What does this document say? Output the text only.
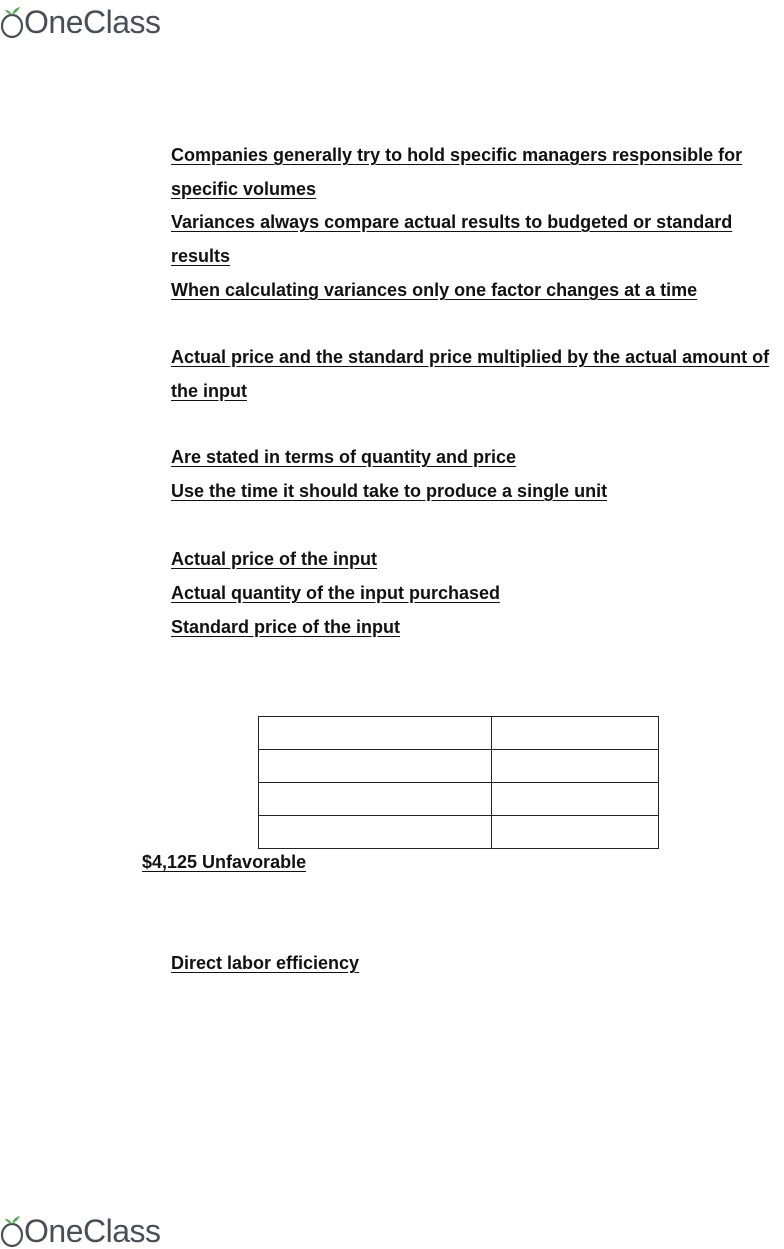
OneClass

Companies generally try to hold specific managers responsible for specific volumes

Variances always compare actual results to budgeted or standard results

When calculating variances only one factor changes at a time

Actual price and the standard price multiplied by the actual amount of the input

Are stated in terms of quantity and price

Use the time it should take to produce a single unit

Actual price of the input

Actual quantity of the input purchased

Standard price of the input

$4,125 Unfavorable

Direct labor efficiency

OneClass
